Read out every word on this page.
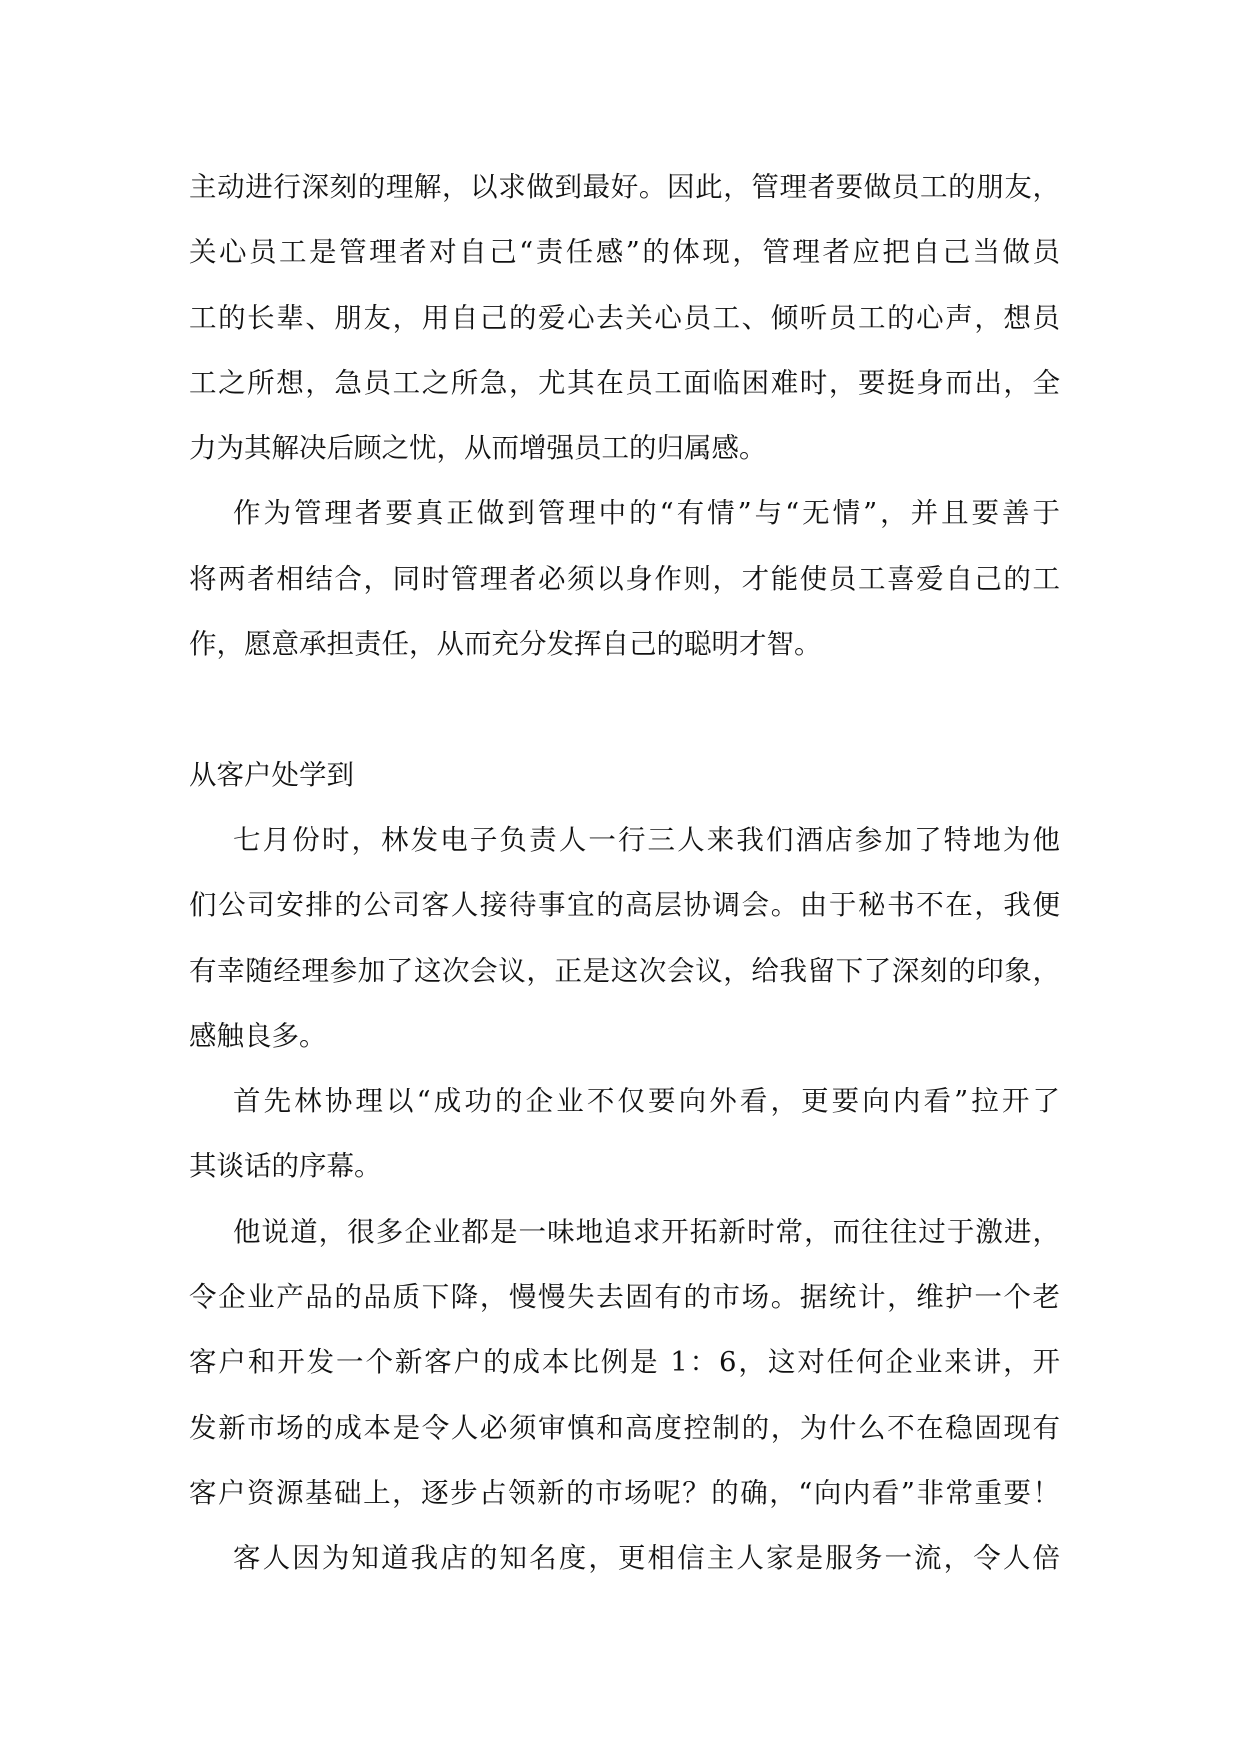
主动进行深刻的理解，以求做到最好。因此，管理者要做员工的朋友，
关心员工是管理者对自己“责任感”的体现，管理者应把自己当做员
工的长辈、朋友，用自己的爱心去关心员工、倾听员工的心声，想员
工之所想，急员工之所急，尤其在员工面临困难时，要挺身而出，全
力为其解决后顾之忧，从而增强员工的归属感。
作为管理者要真正做到管理中的“有情”与“无情”，并且要善于
将两者相结合，同时管理者必须以身作则，才能使员工喜爱自己的工
作，愿意承担责任，从而充分发挥自己的聪明才智。
从客户处学到
七月份时，林发电子负责人一行三人来我们酒店参加了特地为他
们公司安排的公司客人接待事宜的高层协调会。由于秘书不在，我便
有幸随经理参加了这次会议，正是这次会议，给我留下了深刻的印象，
感触良多。
首先林协理以“成功的企业不仅要向外看，更要向内看”拉开了
其谈话的序幕。
他说道，很多企业都是一味地追求开拓新时常，而往往过于激进，
令企业产品的品质下降，慢慢失去固有的市场。据统计，维护一个老
客户和开发一个新客户的成本比例是 1：6，这对任何企业来讲，开
发新市场的成本是令人必须审慎和高度控制的，为什么不在稳固现有
客户资源基础上，逐步占领新的市场呢？的确，“向内看”非常重要！
客人因为知道我店的知名度，更相信主人家是服务一流，令人倍
